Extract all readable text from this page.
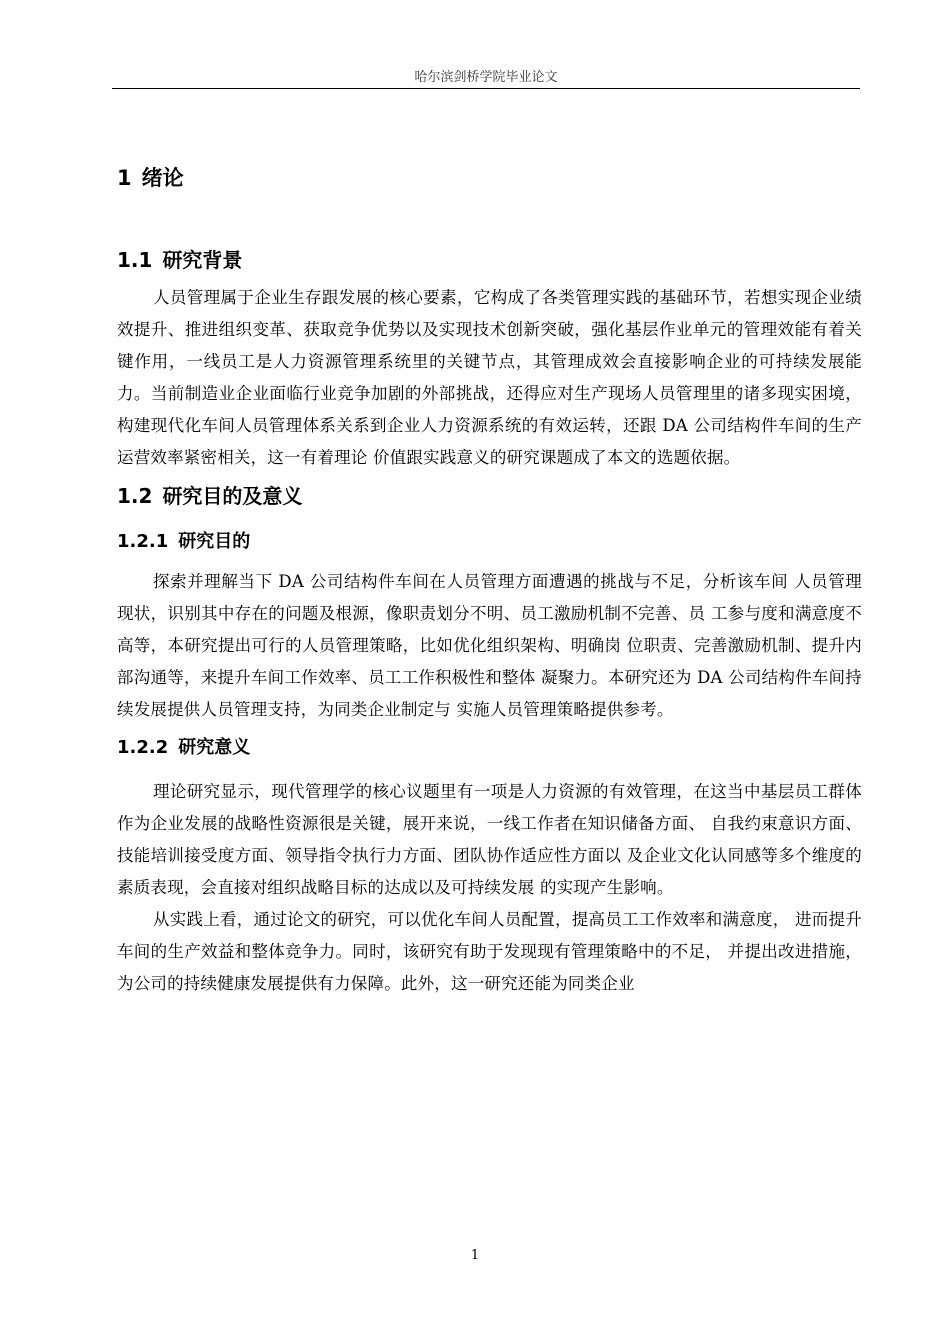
哈尔滨剑桥学院毕业论文
1 绪论
1.1 研究背景

人员管理属于企业生存跟发展的核心要素，它构成了各类管理实践的基础环节，若想实现企业绩效提升、推进组织变革、获取竞争优势以及实现技术创新突破，强化基层作业单元的管理效能有着关键作用，一线员工是人力资源管理系统里的关键节点，其管理成效会直接影响企业的可持续发展能力。当前制造业企业面临行业竞争加剧的外部挑战，还得应对生产现场人员管理里的诸多现实困境，构建现代化车间人员管理体系关系到企业人力资源系统的有效运转，还跟 DA 公司结构件车间的生产运营效率紧密相关，这一有着理论 价值跟实践意义的研究课题成了本文的选题依据。

1.2 研究目的及意义
1.2.1 研究目的

探索并理解当下 DA 公司结构件车间在人员管理方面遭遇的挑战与不足，分析该车间 人员管理现状，识别其中存在的问题及根源，像职责划分不明、员工激励机制不完善、员 工参与度和满意度不高等，本研究提出可行的人员管理策略，比如优化组织架构、明确岗 位职责、完善激励机制、提升内部沟通等，来提升车间工作效率、员工工作积极性和整体 凝聚力。本研究还为 DA 公司结构件车间持续发展提供人员管理支持，为同类企业制定与 实施人员管理策略提供参考。

1.2.2 研究意义

理论研究显示，现代管理学的核心议题里有一项是人力资源的有效管理，在这当中基层员工群体作为企业发展的战略性资源很是关键，展开来说，一线工作者在知识储备方面、 自我约束意识方面、技能培训接受度方面、领导指令执行力方面、团队协作适应性方面以 及企业文化认同感等多个维度的素质表现，会直接对组织战略目标的达成以及可持续发展 的实现产生影响。

从实践上看，通过论文的研究，可以优化车间人员配置，提高员工工作效率和满意度， 进而提升车间的生产效益和整体竞争力。同时，该研究有助于发现现有管理策略中的不足， 并提出改进措施，为公司的持续健康发展提供有力保障。此外，这一研究还能为同类企业

1
